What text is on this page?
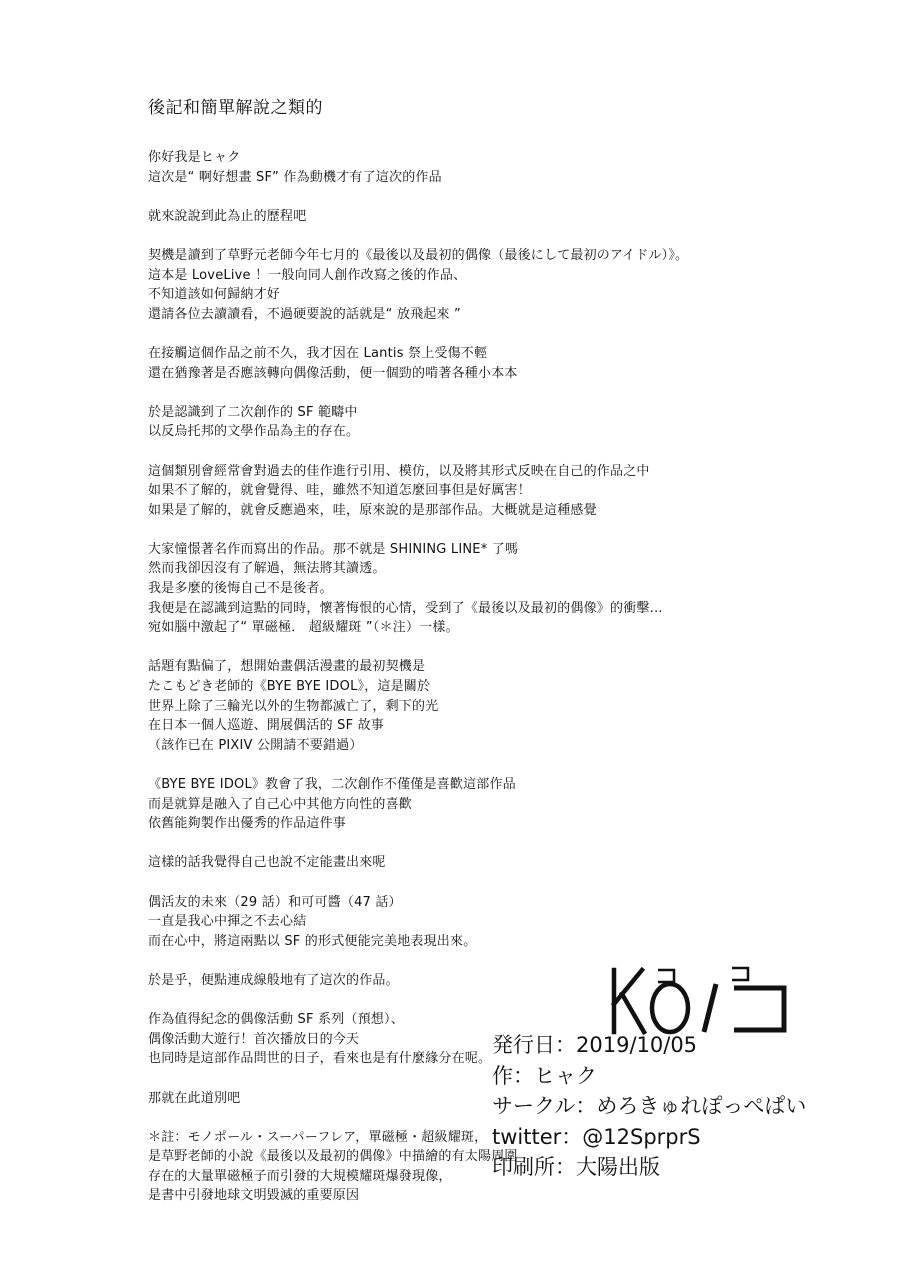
後記和簡單解說之類的
你好我是ヒャク
這次是“ 啊好想畫 SF” 作為動機才有了這次的作品
就來說說到此為止的歷程吧
契機是讀到了草野元老師今年七月的《最後以及最初的偶像（最後にして最初のアイドル）》。
這本是 LoveLive ！一般向同人創作改寫之後的作品、
不知道該如何歸納才好
還請各位去讀讀看，不過硬要說的話就是“ 放飛起來 ”
在接觸這個作品之前不久，我才因在 Lantis 祭上受傷不輕
還在猶豫著是否應該轉向偶像活動，便一個勁的啃著各種小本本
於是認識到了二次創作的 SF 範疇中
以反烏托邦的文學作品為主的存在。
這個類別會經常會對過去的佳作進行引用、模仿，以及將其形式反映在自己的作品之中
如果不了解的，就會覺得、哇，雖然不知道怎麼回事但是好厲害！
如果是了解的，就會反應過來，哇，原來說的是那部作品。大概就是這種感覺
大家憧憬著名作而寫出的作品。那不就是 SHINING LINE* 了嗎
然而我卻因沒有了解過，無法將其讀透。
我是多麼的後悔自己不是後者。
我便是在認識到這點的同時，懷著悔恨的心情，受到了《最後以及最初的偶像》的衝擊…
宛如腦中激起了“ 單磁極． 超級耀斑 ”（＊注）一樣。
話題有點偏了，想開始畫偶活漫畫的最初契機是
たこもどき老師的《BYE BYE IDOL》，這是關於
世界上除了三輪光以外的生物都滅亡了，剩下的光
在日本一個人巡遊、開展偶活的 SF 故事
（該作已在 PIXIV 公開請不要錯過）
《BYE BYE IDOL》教會了我，二次創作不僅僅是喜歡這部作品
而是就算是融入了自己心中其他方向性的喜歡
依舊能夠製作出優秀的作品這件事
這樣的話我覺得自己也說不定能畫出來呢
偶活友的未來（29 話）和可可醬（47 話）
一直是我心中揮之不去心結
而在心中，將這兩點以 SF 的形式便能完美地表現出來。
於是乎，便點連成線般地有了這次的作品。
作為值得紀念的偶像活動 SF 系列（預想）、
偶像活動大遊行！首次播放日的今天
也同時是這部作品問世的日子，看來也是有什麼緣分在呢。
那就在此道別吧
＊註：モノポール・スーパーフレア，單磁極・超級耀斑，
是草野老師的小說《最後以及最初的偶像》中描繪的有太陽周圍
存在的大量單磁極子而引發的大規模耀斑爆發現像，
是書中引發地球文明毀滅的重要原因
発行日：2019/10/05
作：ヒャク
サークル：めろきゅれぽっぺぱい
twitter：@12SprprS
印刷所：大陽出版
